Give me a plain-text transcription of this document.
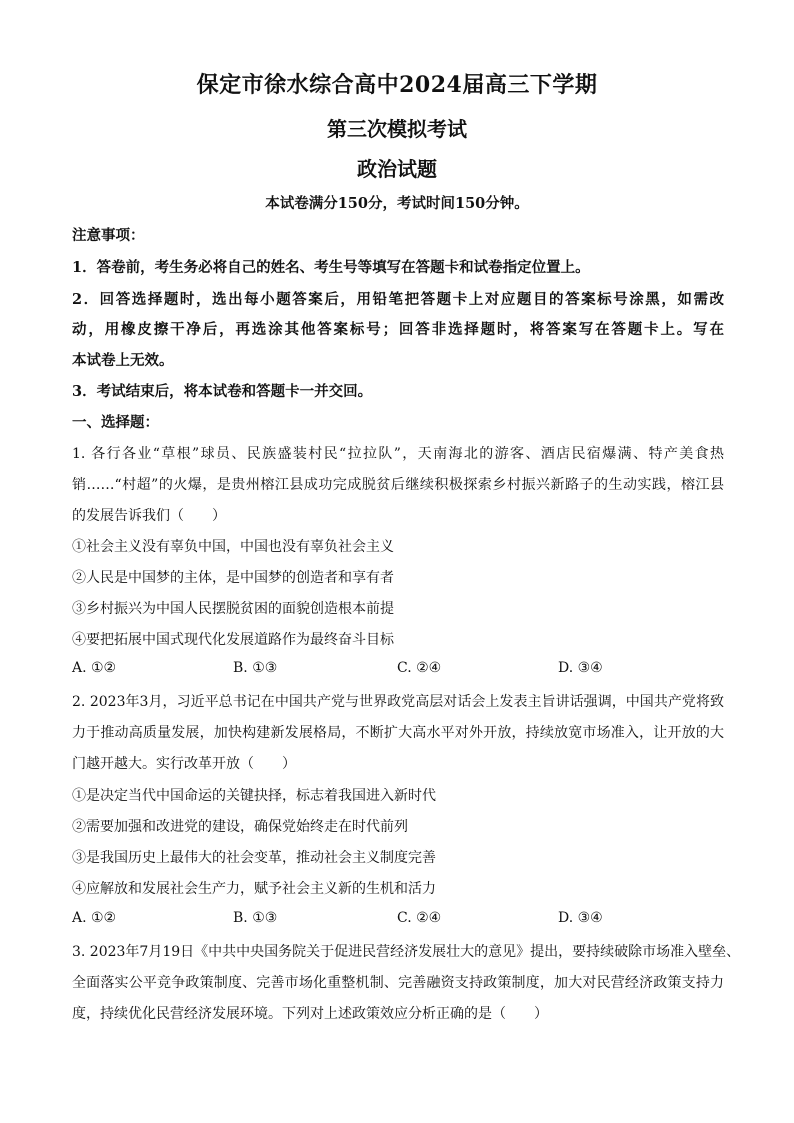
保定市徐水综合高中2024届高三下学期
第三次模拟考试
政治试题
本试卷满分150分，考试时间150分钟。
注意事项：
1．答卷前，考生务必将自己的姓名、考生号等填写在答题卡和试卷指定位置上。
2．回答选择题时，选出每小题答案后，用铅笔把答题卡上对应题目的答案标号涂黑，如需改
动，用橡皮擦干净后，再选涂其他答案标号；回答非选择题时，将答案写在答题卡上。写在
本试卷上无效。
3．考试结束后，将本试卷和答题卡一并交回。
一、选择题：
1. 各行各业“草根”球员、民族盛装村民“拉拉队”，天南海北的游客、酒店民宿爆满、特产美食热
销……“村超”的火爆，是贵州榕江县成功完成脱贫后继续积极探索乡村振兴新路子的生动实践，榕江县
的发展告诉我们（　　）
①社会主义没有辜负中国，中国也没有辜负社会主义
②人民是中国梦的主体，是中国梦的创造者和享有者
③乡村振兴为中国人民摆脱贫困的面貌创造根本前提
④要把拓展中国式现代化发展道路作为最终奋斗目标
A. ①②	B. ①③	C. ②④	D. ③④
2. 2023年3月，习近平总书记在中国共产党与世界政党高层对话会上发表主旨讲话强调，中国共产党将致
力于推动高质量发展，加快构建新发展格局，不断扩大高水平对外开放，持续放宽市场准入，让开放的大
门越开越大。实行改革开放（　　）
①是决定当代中国命运的关键抉择，标志着我国进入新时代
②需要加强和改进党的建设，确保党始终走在时代前列
③是我国历史上最伟大的社会变革，推动社会主义制度完善
④应解放和发展社会生产力，赋予社会主义新的生机和活力
A. ①②	B. ①③	C. ②④	D. ③④
3. 2023年7月19日《中共中央国务院关于促进民营经济发展壮大的意见》提出，要持续破除市场准入壁垒、
全面落实公平竞争政策制度、完善市场化重整机制、完善融资支持政策制度，加大对民营经济政策支持力
度，持续优化民营经济发展环境。下列对上述政策效应分析正确的是（　　）
